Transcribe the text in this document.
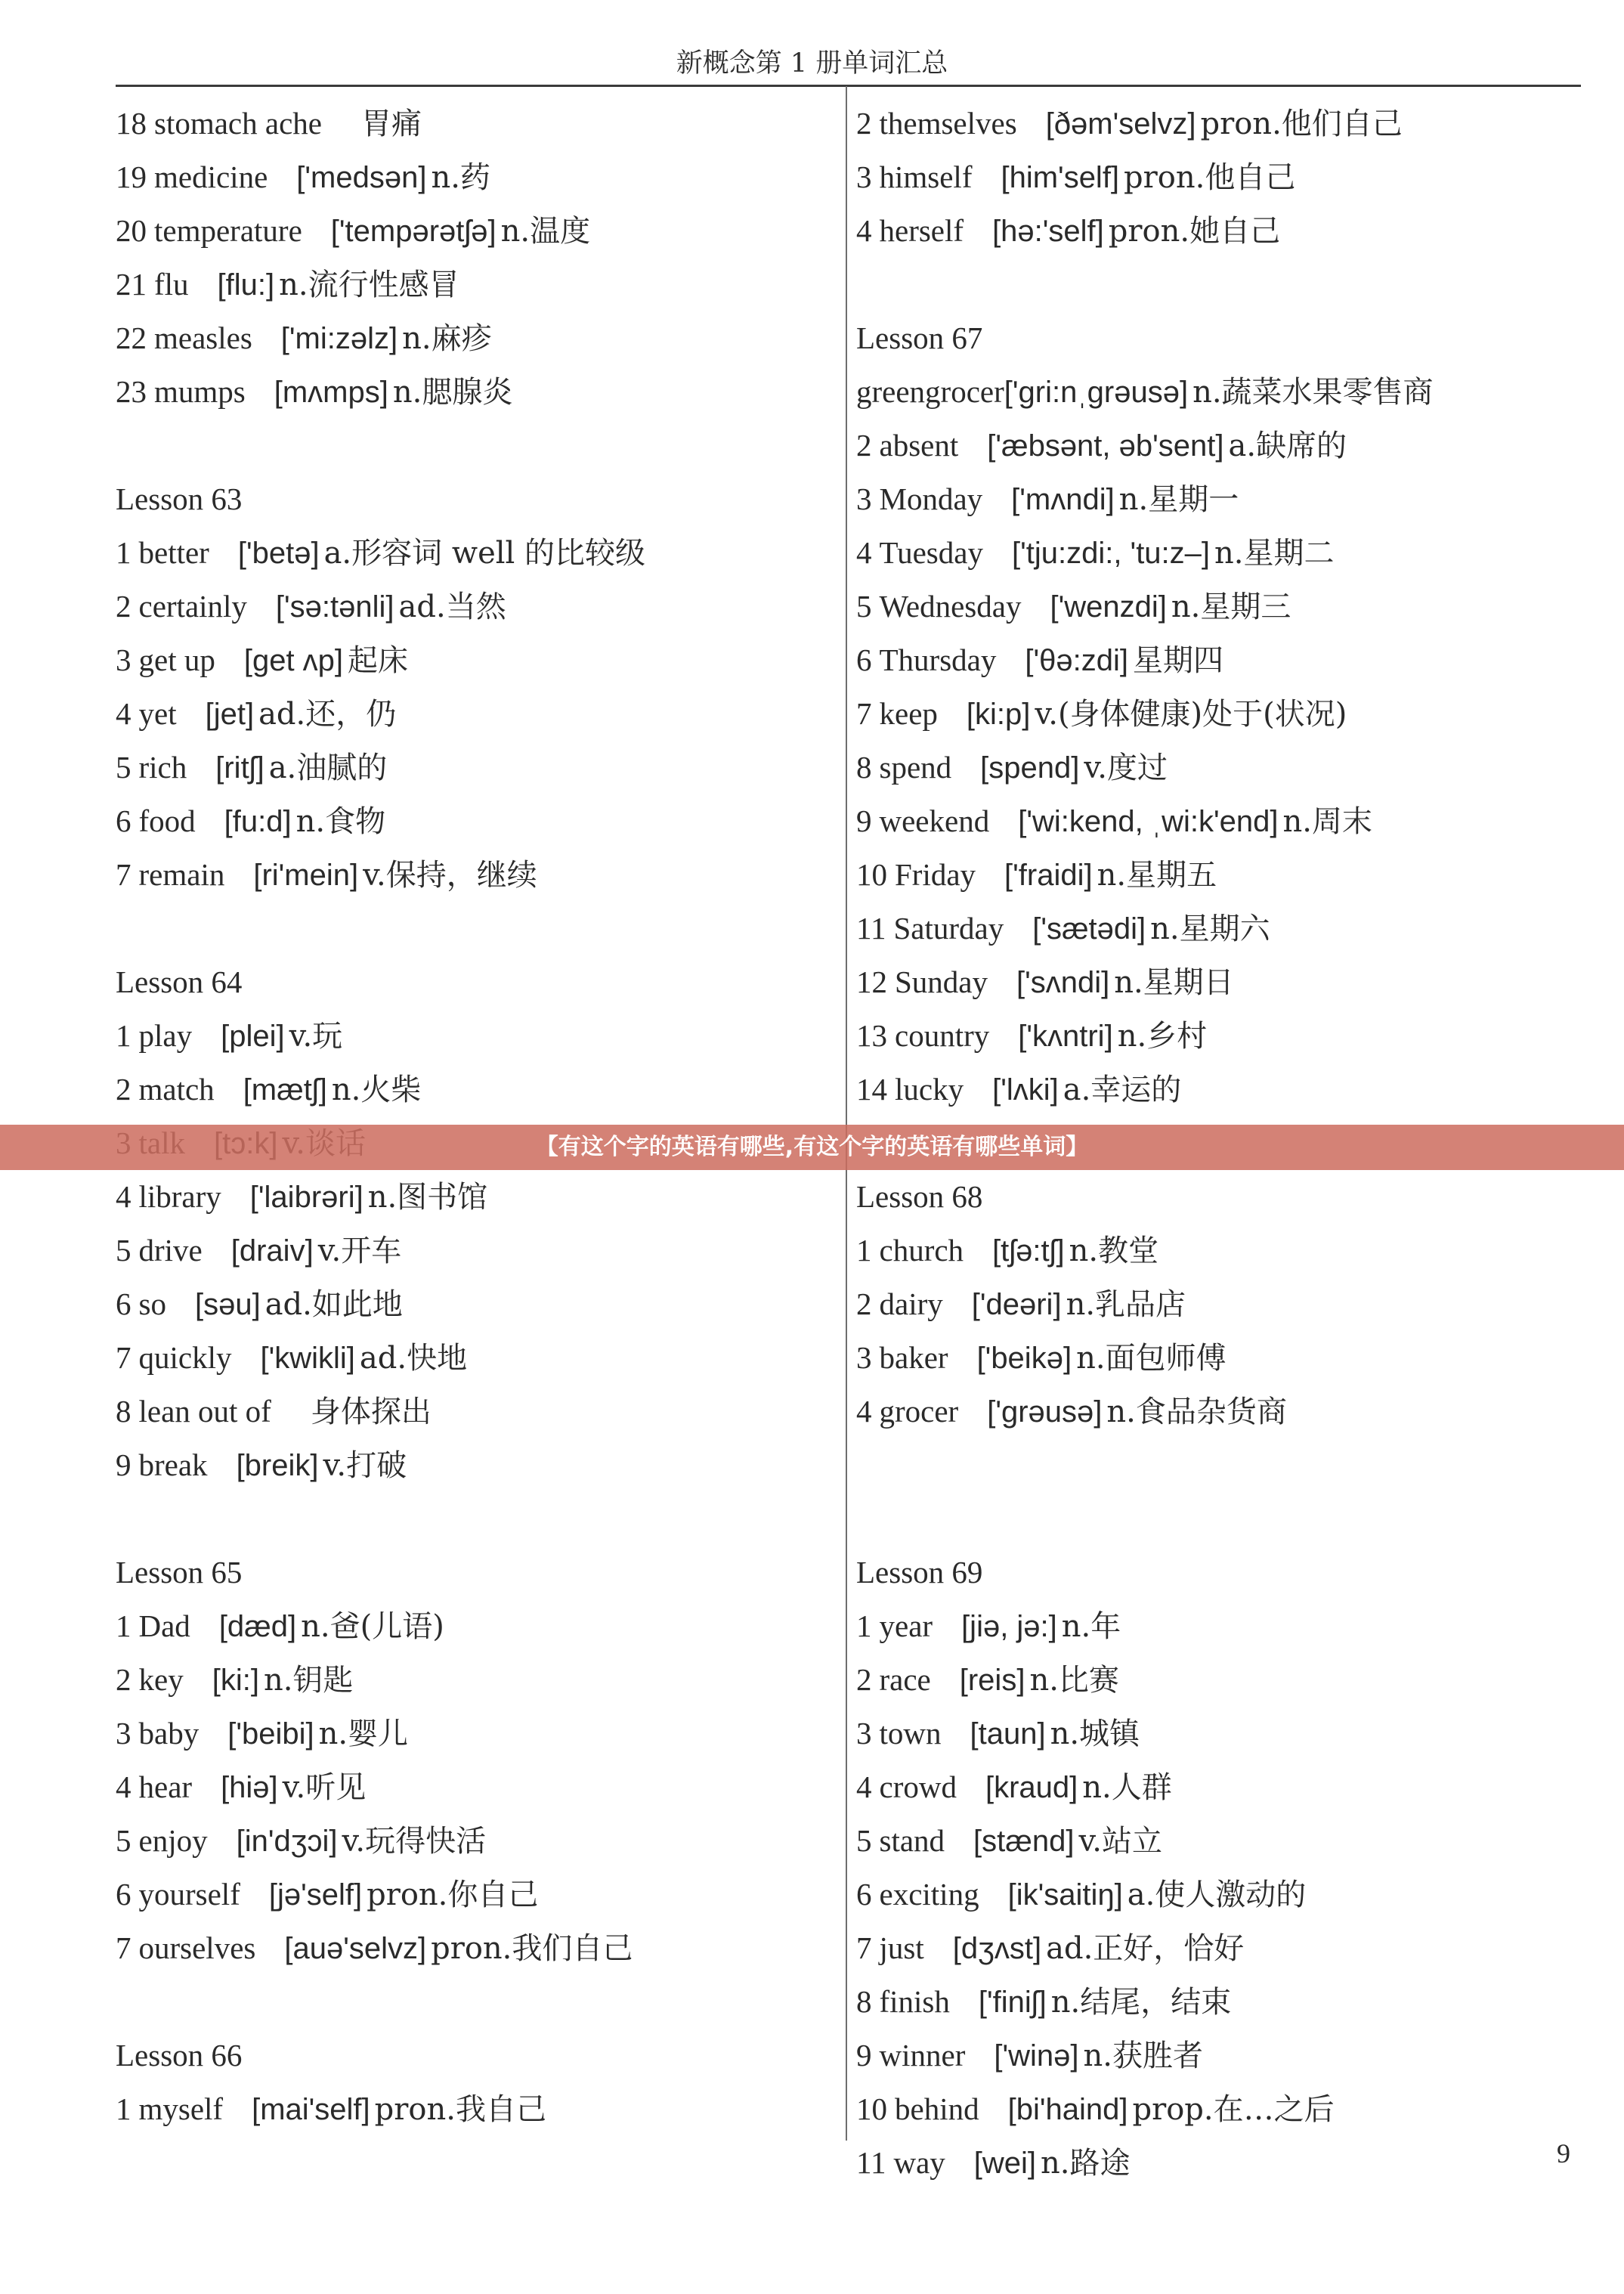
新概念第 1 册单词汇总
18 stomach ache 胃痛
19 medicine ['medsən] n.药
20 temperature ['tempərətʃə] n.温度
21 flu [flu:] n.流行性感冒
22 measles ['mi:zəlz] n.麻疹
23 mumps [mʌmps] n.腮腺炎
Lesson 63
1 better ['betə] a.形容词 well 的比较级
2 certainly ['sə:tənli] ad.当然
3 get up [get ʌp] 起床
4 yet [jet] ad.还，仍
5 rich [ritʃ] a.油腻的
6 food [fu:d] n.食物
7 remain [ri'mein] v.保持，继续
Lesson 64
1 play [plei] v.玩
2 match [mætʃ] n.火柴
4 library ['laibrəri] n.图书馆
5 drive [draiv] v.开车
6 so [səu] ad.如此地
7 quickly ['kwikli] ad.快地
8 lean out of 身体探出
9 break [breik] v.打破
Lesson 65
1 Dad [dæd] n.爸(儿语)
2 key [ki:] n.钥匙
3 baby ['beibi] n.婴儿
4 hear [hiə] v.听见
5 enjoy [in'dʒɔi] v.玩得快活
6 yourself [jə'self] pron.你自己
7 ourselves [auə'selvz] pron.我们自己
Lesson 66
1 myself [mai'self] pron.我自己
2 themselves [ðəm'selvz] pron.他们自己
3 himself [him'self] pron.他自己
4 herself [hə:'self] pron.她自己
Lesson 67
greengrocer['gri:nˌgrəusə] n.蔬菜水果零售商
2 absent ['æbsənt, əb'sent] a.缺席的
3 Monday ['mʌndi] n.星期一
4 Tuesday ['tju:zdi:, 'tu:z–] n.星期二
5 Wednesday ['wenzdi] n.星期三
6 Thursday ['θə:zdi] 星期四
7 keep [ki:p] v.(身体健康)处于(状况)
8 spend [spend] v.度过
9 weekend ['wi:kend, ˌwi:k'end] n.周末
10 Friday ['fraidi] n.星期五
11 Saturday ['sætədi] n.星期六
12 Sunday ['sʌndi] n.星期日
13 country ['kʌntri] n.乡村
14 lucky ['lʌki] a.幸运的
Lesson 68
1 church [tʃə:tʃ] n.教堂
2 dairy ['deəri] n.乳品店
3 baker ['beikə] n.面包师傅
4 grocer ['grəusə] n.食品杂货商
Lesson 69
1 year [jiə, jə:] n.年
2 race [reis] n.比赛
3 town [taun] n.城镇
4 crowd [kraud] n.人群
5 stand [stænd] v.站立
6 exciting [ik'saitiŋ] a.使人激动的
7 just [dʒʌst] ad.正好，恰好
8 finish ['finiʃ] n.结尾，结束
9 winner ['winə] n.获胜者
10 behind [bi'haind] prop.在…之后
11 way [wei] n.路途	9
【有这个字的英语有哪些,有这个字的英语有哪些单词】
